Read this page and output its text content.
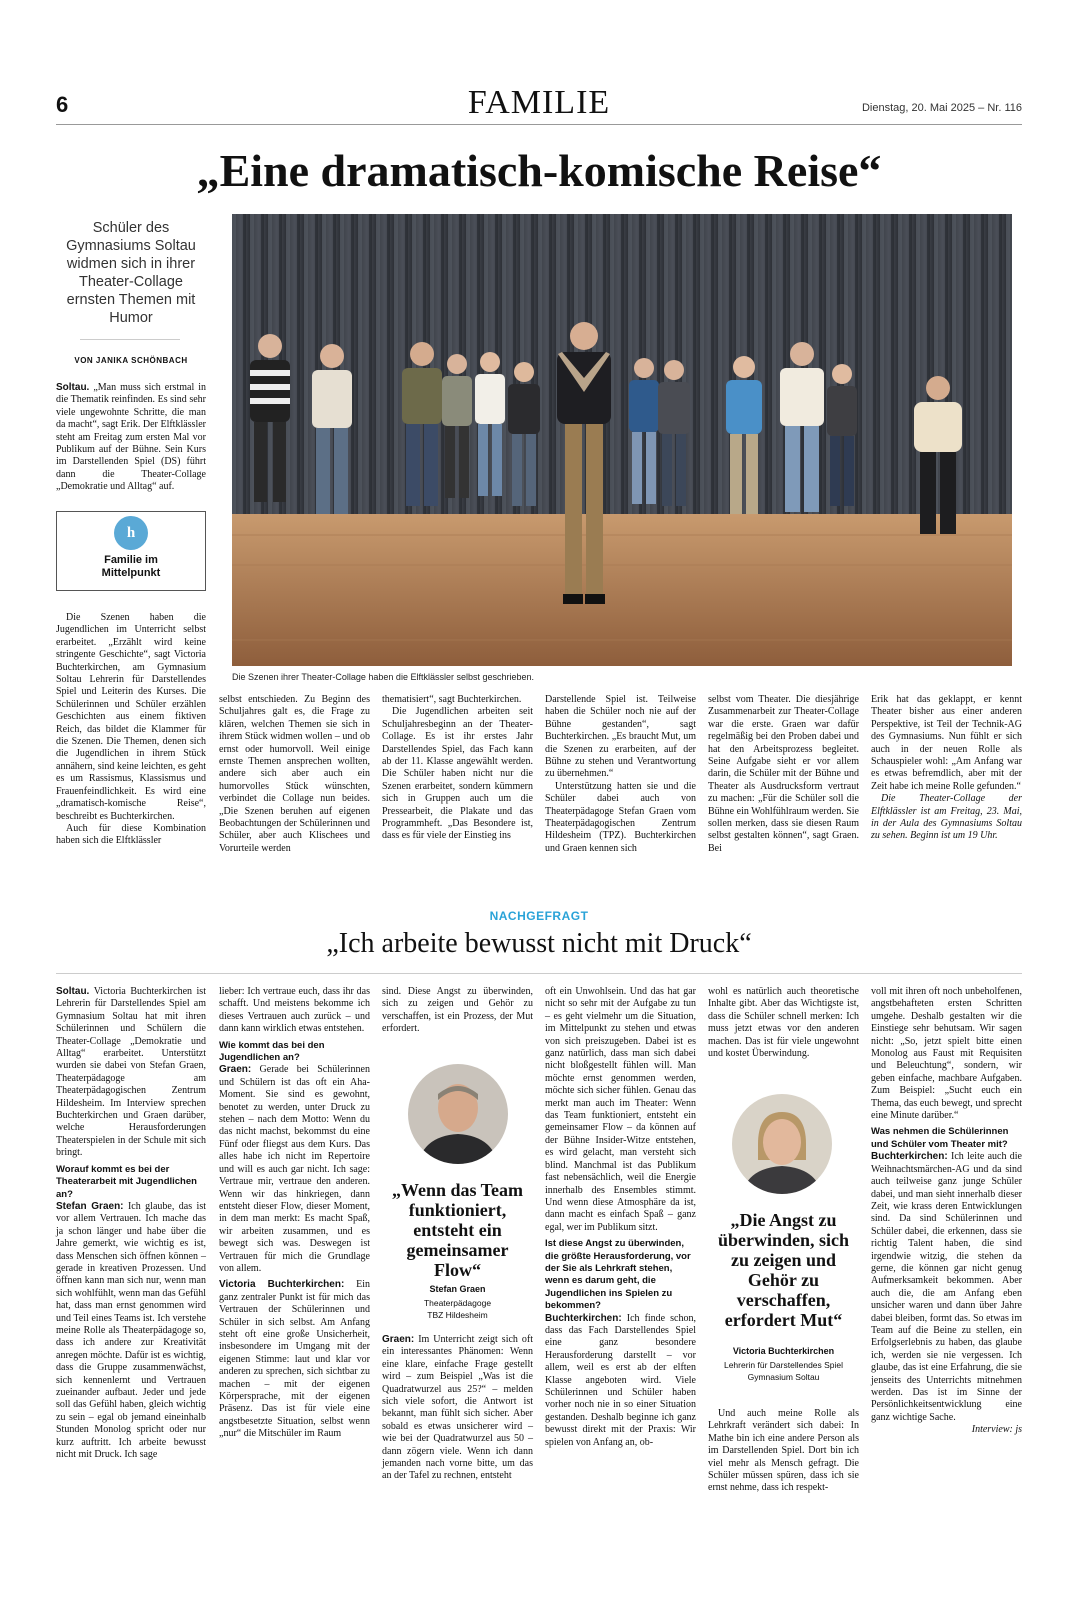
6	FAMILIE	Dienstag, 20. Mai 2025 – Nr. 116
„Eine dramatisch-komische Reise“
Schüler des Gymnasiums Soltau widmen sich in ihrer Theater-Collage ernsten Themen mit Humor
VON JANIKA SCHÖNBACH

Soltau. „Man muss sich erstmal in die Thematik reinfinden. Es sind sehr viele ungewohnte Schritte, die man da macht“, sagt Erik. Der Elftklässler steht am Freitag zum ersten Mal vor Publikum auf der Bühne. Sein Kurs im Darstellenden Spiel (DS) führt dann die Theater-Collage „Demokratie und Alltag“ auf.

h
Familie im
Mittelpunkt

Die Szenen haben die Jugendlichen im Unterricht selbst erarbeitet. „Erzählt wird keine stringente Geschichte“, sagt Victoria Buchterkirchen, am Gymnasium Soltau Lehrerin für Darstellendes Spiel und Leiterin des Kurses. Die Schülerinnen und Schüler erzählen Geschichten aus einem fiktiven Reich, das bildet die Klammer für die Szenen. Die Themen, denen sich die Jugendlichen in ihrem Stück annähern, sind keine leichten, es geht es um Rassismus, Klassismus und Frauenfeindlichkeit. Es wird eine „dramatisch-komische Reise“, beschreibt es Buchterkirchen.

Auch für diese Kombination haben sich die Elftklässler

Die Szenen ihrer Theater-Collage haben die Elftklässler selbst geschrieben.

selbst entschieden. Zu Beginn des Schuljahres galt es, die Frage zu klären, welchen Themen sie sich in ihrem Stück widmen wollen – und ob ernst oder humorvoll. Weil einige ernste Themen ansprechen wollten, andere sich aber auch ein humorvolles Stück wünschten, verbindet die Collage nun beides. „Die Szenen beruhen auf eigenen Beobachtungen der Schülerinnen und Schüler, aber auch Klischees und Vorurteile werden

thematisiert“, sagt Buchterkirchen.

Die Jugendlichen arbeiten seit Schuljahresbeginn an der Theater-Collage. Es ist ihr erstes Jahr Darstellendes Spiel, das Fach kann ab der 11. Klasse angewählt werden. Die Schüler haben nicht nur die Szenen erarbeitet, sondern kümmern sich in Gruppen auch um die Pressearbeit, die Plakate und das Programmheft. „Das Besondere ist, dass es für viele der Einstieg ins

Darstellende Spiel ist. Teilweise haben die Schüler noch nie auf der Bühne gestanden“, sagt Buchterkirchen. „Es braucht Mut, um die Szenen zu erarbeiten, auf der Bühne zu stehen und Verantwortung zu übernehmen.“

Unterstützung hatten sie und die Schüler dabei auch von Theaterpädagoge Stefan Graen vom Theaterpädagogischen Zentrum Hildesheim (TPZ). Buchterkirchen und Graen kennen sich

selbst vom Theater. Die diesjährige Zusammenarbeit zur Theater-Collage war die erste. Graen war dafür regelmäßig bei den Proben dabei und hat den Arbeitsprozess begleitet. Seine Aufgabe sieht er vor allem darin, die Schüler mit der Bühne und Theater als Ausdrucksform vertraut zu machen: „Für die Schüler soll die Bühne ein Wohlfühlraum werden. Sie sollen merken, dass sie diesen Raum selbst gestalten können“, sagt Graen. Bei

Erik hat das geklappt, er kennt Theater bisher aus einer anderen Perspektive, ist Teil der Technik-AG des Gymnasiums. Nun fühlt er sich auch in der neuen Rolle als Schauspieler wohl: „Am Anfang war es etwas befremdlich, aber mit der Zeit habe ich meine Rolle gefunden.“

Die Theater-Collage der Elftklässler ist am Freitag, 23. Mai, in der Aula des Gymnasiums Soltau zu sehen. Beginn ist um 19 Uhr.

NACHGEFRAGT
„Ich arbeite bewusst nicht mit Druck“

Soltau. Victoria Buchterkirchen ist Lehrerin für Darstellendes Spiel am Gymnasium Soltau hat mit ihren Schülerinnen und Schülern die Theater-Collage „Demokratie und Alltag“ erarbeitet. Unterstützt wurden sie dabei von Stefan Graen, Theaterpädagoge am Theaterpädagogischen Zentrum Hildesheim. Im Interview sprechen Buchterkirchen und Graen darüber, welche Herausforderungen Theaterspielen in der Schule mit sich bringt.

Worauf kommt es bei der Theaterarbeit mit Jugendlichen an?

Stefan Graen: Ich glaube, das ist vor allem Vertrauen. Ich mache das ja schon länger und habe über die Jahre gemerkt, wie wichtig es ist, dass Menschen sich öffnen können – gerade in kreativen Prozessen. Und öffnen kann man sich nur, wenn man sich wohlfühlt, wenn man das Gefühl hat, dass man ernst genommen wird und Teil eines Teams ist. Ich verstehe meine Rolle als Theaterpädagoge so, dass ich andere zur Kreativität anregen möchte. Dafür ist es wichtig, dass die Gruppe zusammenwächst, sich kennenlernt und Vertrauen zueinander aufbaut. Jeder und jede soll das Gefühl haben, gleich wichtig zu sein – egal ob jemand eineinhalb Stunden Monolog spricht oder nur kurz auftritt. Ich arbeite bewusst nicht mit Druck. Ich sage

lieber: Ich vertraue euch, dass ihr das schafft. Und meistens bekomme ich dieses Vertrauen auch zurück – und dann kann wirklich etwas entstehen.

Wie kommt das bei den Jugendlichen an?

Graen: Gerade bei Schülerinnen und Schülern ist das oft ein Aha-Moment. Sie sind es gewohnt, benotet zu werden, unter Druck zu stehen – nach dem Motto: Wenn du das nicht machst, bekommst du eine Fünf oder fliegst aus dem Kurs. Das alles habe ich nicht im Repertoire und will es auch gar nicht. Ich sage: Vertraue mir, vertraue den anderen. Wenn wir das hinkriegen, dann entsteht dieser Flow, dieser Moment, in dem man merkt: Es macht Spaß, wir arbeiten zusammen, und es bewegt sich was. Deswegen ist Vertrauen für mich die Grundlage von allem.

Victoria Buchterkirchen: Ein ganz zentraler Punkt ist für mich das Vertrauen der Schülerinnen und Schüler in sich selbst. Am Anfang steht oft eine große Unsicherheit, insbesondere im Umgang mit der eigenen Stimme: laut und klar vor anderen zu sprechen, sich sichtbar zu machen – mit der eigenen Körpersprache, mit der eigenen Präsenz. Das ist für viele eine angstbesetzte Situation, selbst wenn „nur“ die Mitschüler im Raum

sind. Diese Angst zu überwinden, sich zu zeigen und Gehör zu verschaffen, ist ein Prozess, der Mut erfordert.

„Wenn das Team funktioniert, entsteht ein gemeinsamer Flow“
Stefan Graen
Theaterpädagoge
TBZ Hildesheim

Graen: Im Unterricht zeigt sich oft ein interessantes Phänomen: Wenn eine klare, einfache Frage gestellt wird – zum Beispiel „Was ist die Quadratwurzel aus 25?“ – melden sich viele sofort, die Antwort ist bekannt, man fühlt sich sicher. Aber sobald es etwas unsicherer wird – wie bei der Quadratwurzel aus 50 – dann zögern viele. Wenn ich dann jemanden nach vorne bitte, um das an der Tafel zu rechnen, entsteht

oft ein Unwohlsein. Und das hat gar nicht so sehr mit der Aufgabe zu tun – es geht vielmehr um die Situation, im Mittelpunkt zu stehen und etwas von sich preiszugeben. Dabei ist es ganz natürlich, dass man sich dabei nicht bloßgestellt fühlen will. Man möchte ernst genommen werden, möchte sich sicher fühlen. Genau das merkt man auch im Theater: Wenn das Team funktioniert, entsteht ein gemeinsamer Flow – da können auf der Bühne Insider-Witze entstehen, es wird gelacht, man versteht sich blind. Manchmal ist das Publikum fast nebensächlich, weil die Energie innerhalb des Ensembles stimmt. Und wenn diese Atmosphäre da ist, dann macht es einfach Spaß – ganz egal, wer im Publikum sitzt.

Ist diese Angst zu überwinden, die größte Herausforderung, vor der Sie als Lehrkraft stehen, wenn es darum geht, die Jugendlichen ins Spielen zu bekommen?

Buchterkirchen: Ich finde schon, dass das Fach Darstellendes Spiel eine ganz besondere Herausforderung darstellt – vor allem, weil es erst ab der elften Klasse angeboten wird. Viele Schülerinnen und Schüler haben vorher noch nie in so einer Situation gestanden. Deshalb beginne ich ganz bewusst direkt mit der Praxis: Wir spielen von Anfang an, ob-

wohl es natürlich auch theoretische Inhalte gibt. Aber das Wichtigste ist, dass die Schüler schnell merken: Ich muss jetzt etwas vor den anderen machen. Das ist für viele ungewohnt und kostet Überwindung.

„Die Angst zu überwinden, sich zu zeigen und Gehör zu verschaffen, erfordert Mut“
Victoria Buchterkirchen
Lehrerin für Darstellendes Spiel
Gymnasium Soltau

Und auch meine Rolle als Lehrkraft verändert sich dabei: In Mathe bin ich eine andere Person als im Darstellenden Spiel. Dort bin ich viel mehr als Mensch gefragt. Die Schüler müssen spüren, dass ich sie ernst nehme, dass ich respekt-

voll mit ihren oft noch unbeholfenen, angstbehafteten ersten Schritten umgehe. Deshalb gestalten wir die Einstiege sehr behutsam. Wir sagen nicht: „So, jetzt spielt bitte einen Monolog aus Faust mit Requisiten und Beleuchtung“, sondern, wir geben einfache, machbare Aufgaben. Zum Beispiel: „Sucht euch ein Thema, das euch bewegt, und sprecht eine Minute darüber.“

Was nehmen die Schülerinnen und Schüler vom Theater mit?

Buchterkirchen: Ich leite auch die Weihnachtsmärchen-AG und da sind auch teilweise ganz junge Schüler dabei, und man sieht innerhalb dieser Zeit, wie krass deren Entwicklungen sind. Da sind Schülerinnen und Schüler dabei, die erkennen, dass sie richtig Talent haben, die sind irgendwie witzig, die stehen da gerne, die können gar nicht genug Aufmerksamkeit bekommen. Aber auch die, die am Anfang eben unsicher waren und dann über Jahre dabei bleiben, formt das. So etwas im Team auf die Beine zu stellen, ein Erfolgserlebnis zu haben, das glaube ich, werden sie nie vergessen. Ich glaube, das ist eine Erfahrung, die sie jenseits des Unterrichts mitnehmen werden. Das ist im Sinne der Persönlichkeitsentwicklung eine ganz wichtige Sache.

Interview: js
